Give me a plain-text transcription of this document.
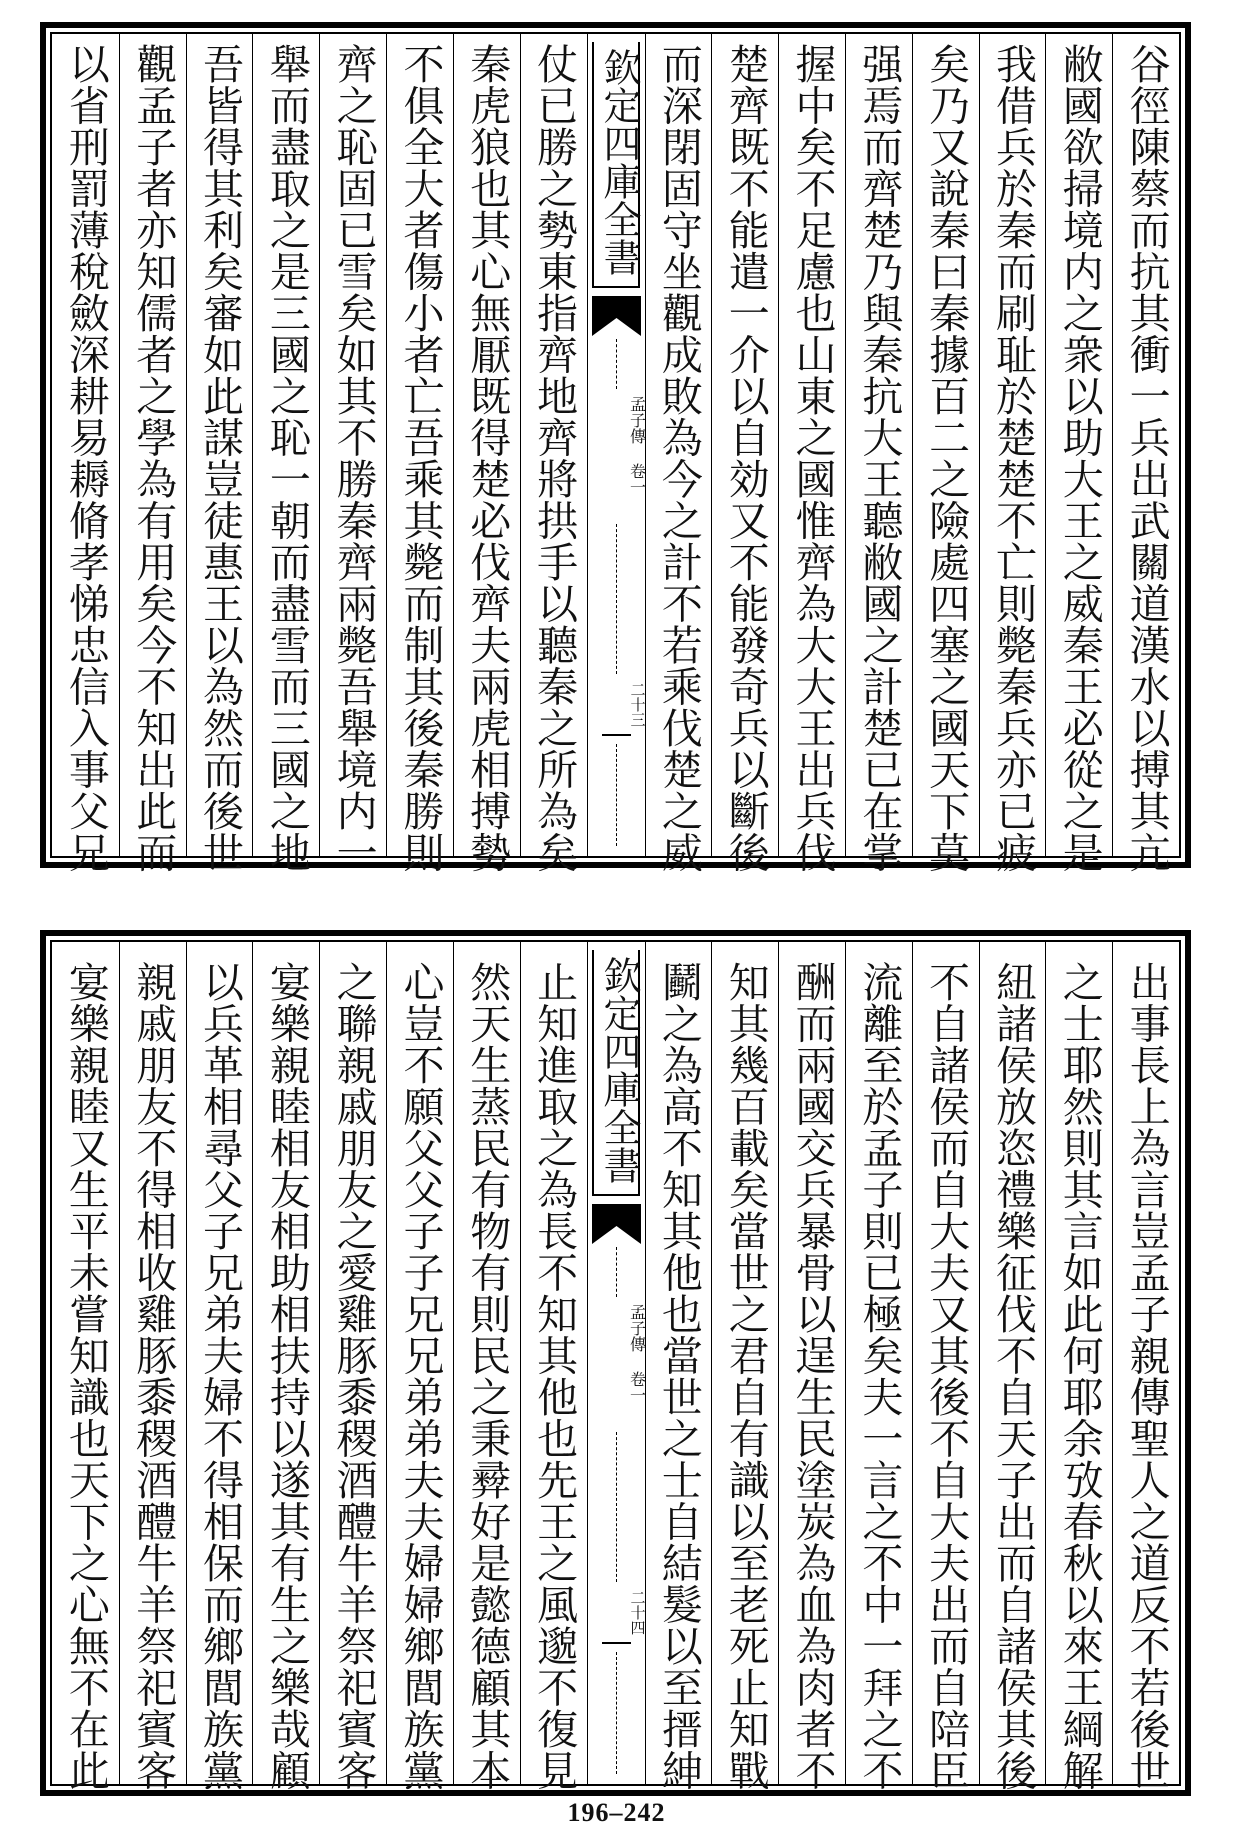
谷徑陳蔡而抗其衝一兵出武關道漢水以搏其亢
敝國欲掃境内之衆以助大王之威秦王必從之是
我借兵於秦而刷耻於楚楚不亡則斃秦兵亦已疲
矣乃又說秦曰秦據百二之險處四塞之國天下莫
强焉而齊楚乃與秦抗大王聽敝國之計楚已在掌
握中矣不足慮也山東之國惟齊為大大王出兵伐
楚齊既不能遣一介以自効又不能發奇兵以斷後
而深閉固守坐觀成敗為今之計不若乘伐楚之威
欽定四庫全書
孟子傳 卷一
二十三
仗已勝之勢東指齊地齊將拱手以聽秦之所為矣
秦虎狼也其心無厭既得楚必伐齊夫兩虎相搏勢
不俱全大者傷小者亡吾乘其斃而制其後秦勝則
齊之恥固已雪矣如其不勝秦齊兩斃吾舉境内一
舉而盡取之是三國之恥一朝而盡雪而三國之地
吾皆得其利矣審如此謀豈徒惠王以為然而後世
觀孟子者亦知儒者之學為有用矣今不知出此而
以省刑罰薄稅斂深耕易耨脩孝悌忠信入事父兄
出事長上為言豈孟子親傳聖人之道反不若後世
之士耶然則其言如此何耶余攷春秋以來王綱解
紐諸侯放恣禮樂征伐不自天子出而自諸侯其後
不自諸侯而自大夫又其後不自大夫出而自陪臣
流離至於孟子則已極矣夫一言之不中一拜之不
酬而兩國交兵暴骨以逞生民塗炭為血為肉者不
知其幾百載矣當世之君自有識以至老死止知戰
鬬之為高不知其他也當世之士自結髮以至搢紳
欽定四庫全書
孟子傳 卷一
二十四
止知進取之為長不知其他也先王之風邈不復見
然天生蒸民有物有則民之秉彛好是懿德顧其本
心豈不願父父子子兄兄弟弟夫夫婦婦鄉閭族黨
之聯親戚朋友之愛雞豚黍稷酒醴牛羊祭祀賓客
宴樂親睦相友相助相扶持以遂其有生之樂哉顧
以兵革相尋父子兄弟夫婦不得相保而鄉閭族黨
親戚朋友不得相收雞豚黍稷酒醴牛羊祭祀賓客
宴樂親睦又生平未嘗知識也天下之心無不在此
196–242
